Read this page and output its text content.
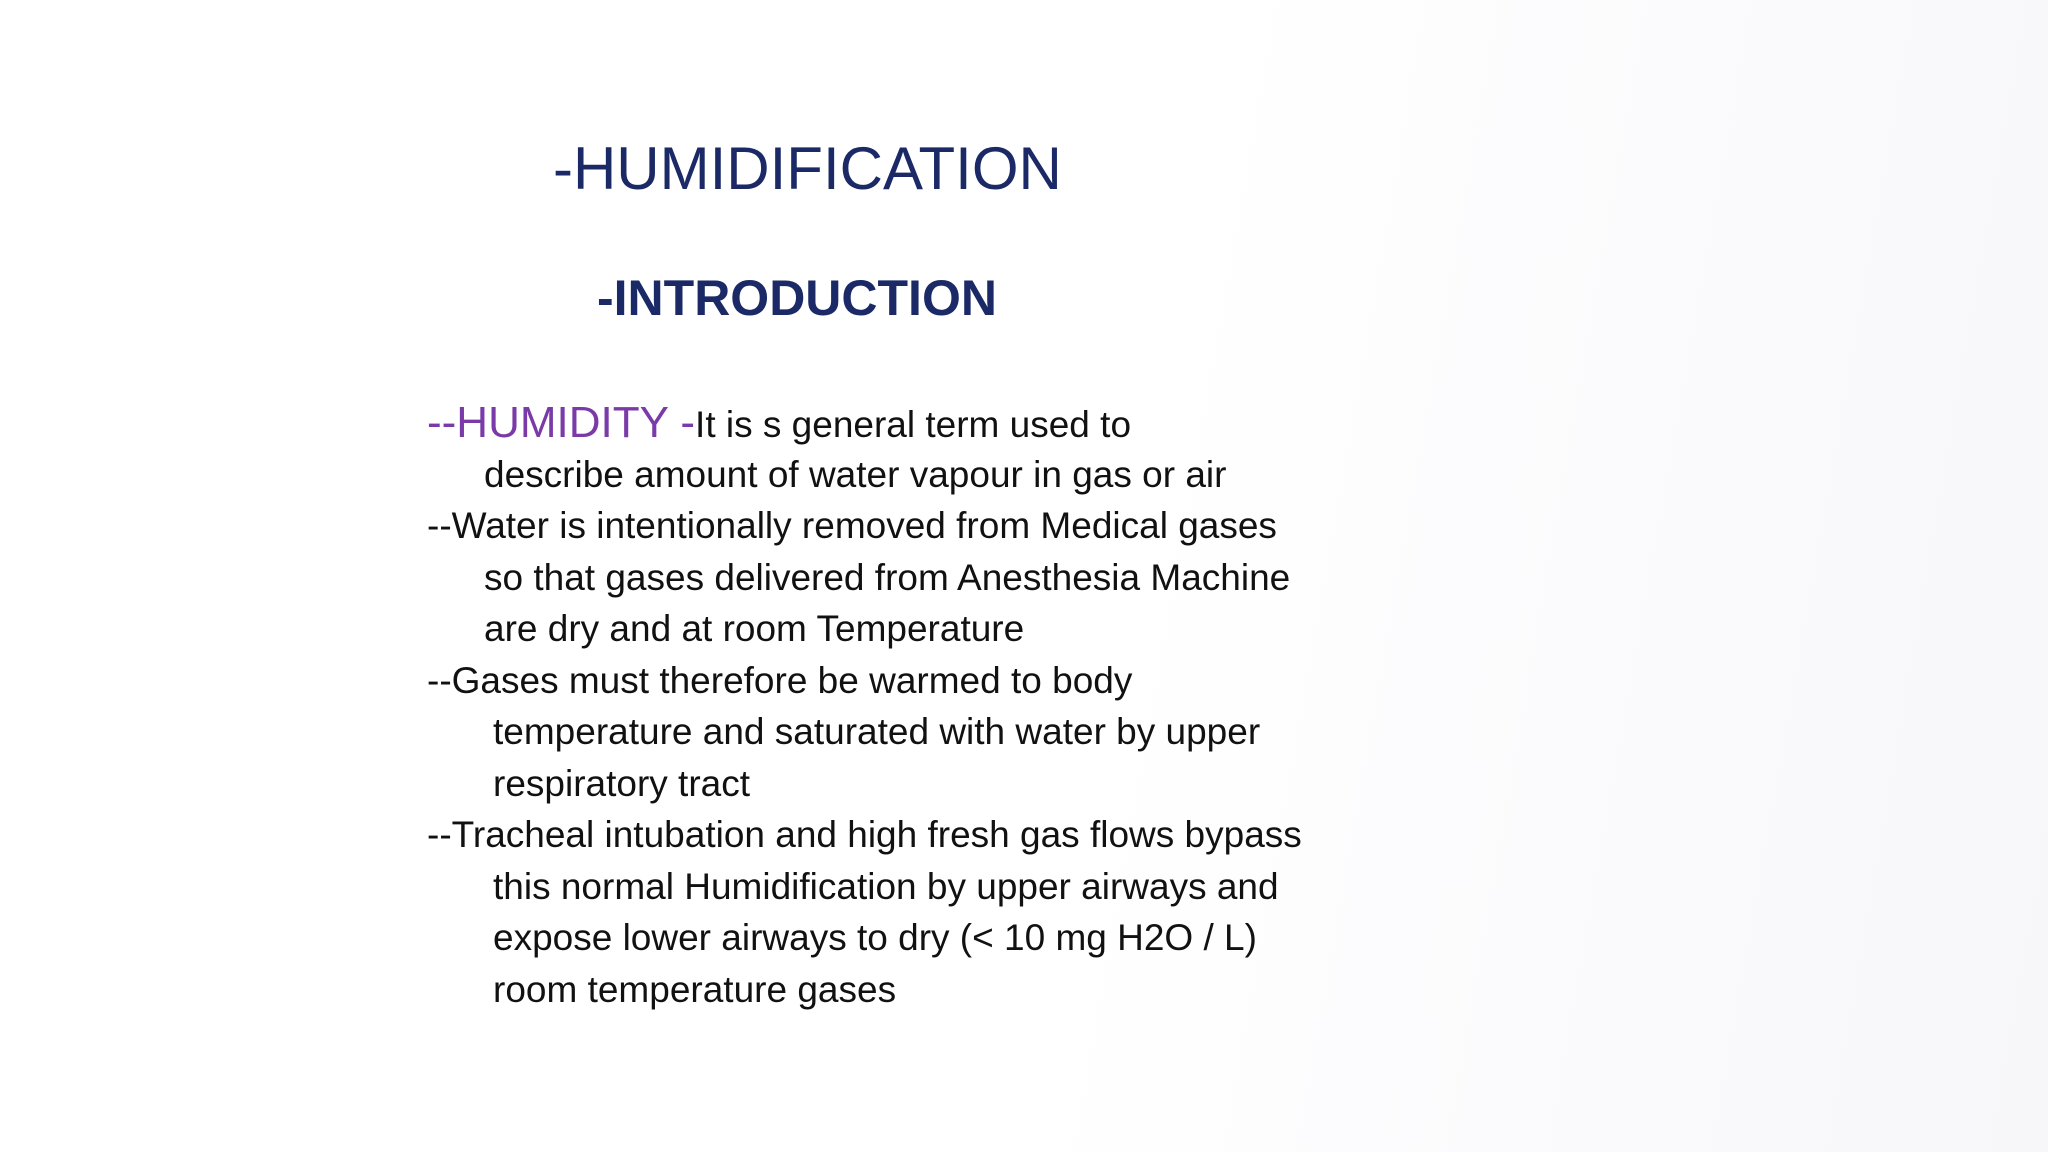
-HUMIDIFICATION
-INTRODUCTION
--HUMIDITY -It is s general term used to
describe amount of water vapour in gas or air
--Water is intentionally removed from Medical gases
so that gases delivered from Anesthesia Machine
are dry and at room Temperature
--Gases must therefore be warmed to body
temperature and saturated with water by upper
respiratory tract
--Tracheal intubation and high fresh gas flows bypass
this normal Humidification by upper airways and
expose lower airways to dry (< 10 mg H2O / L)
room temperature gases
